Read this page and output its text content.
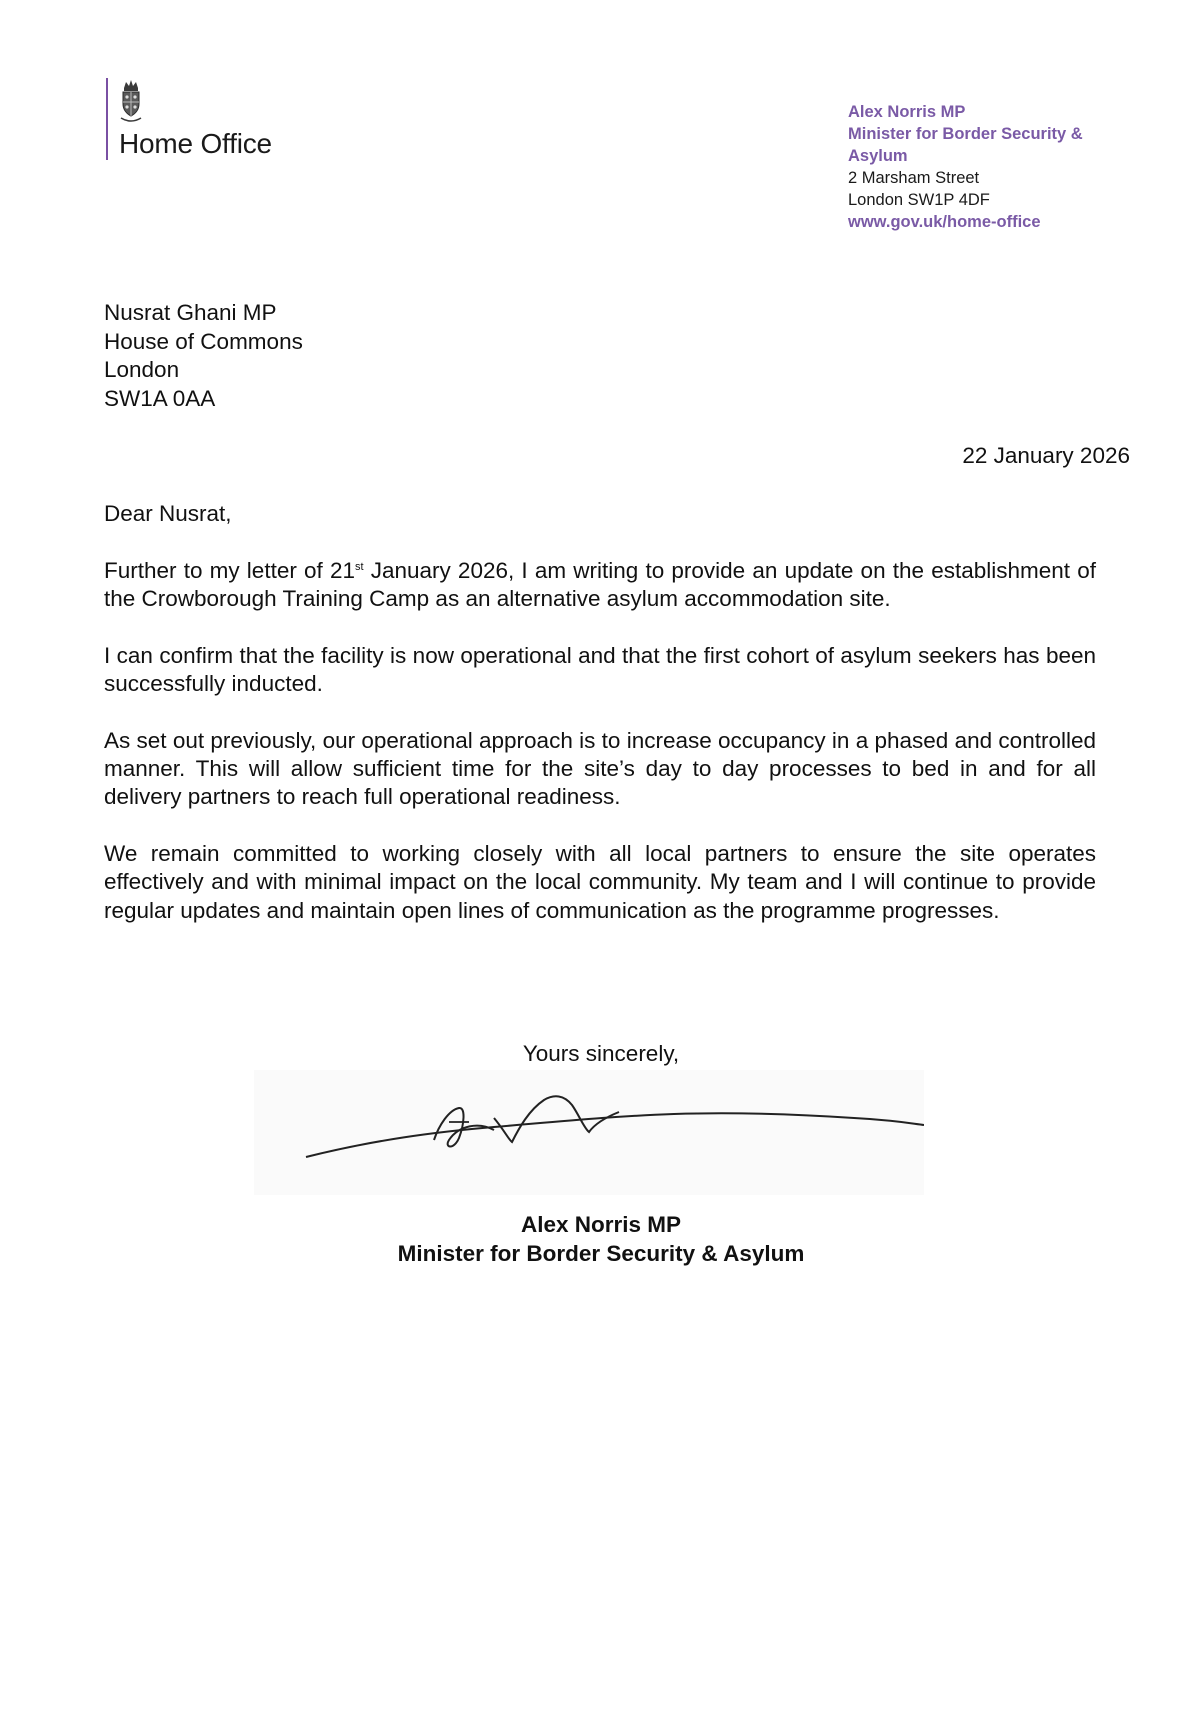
Home Office
Alex Norris MP
Minister for Border Security &
Asylum
2 Marsham Street
London SW1P 4DF
www.gov.uk/home-office
Nusrat Ghani MP
House of Commons
London
SW1A 0AA
22 January 2026
Dear Nusrat,

Further to my letter of 21st January 2026, I am writing to provide an update on the establishment of the Crowborough Training Camp as an alternative asylum accommodation site.

I can confirm that the facility is now operational and that the first cohort of asylum seekers has been successfully inducted.

As set out previously, our operational approach is to increase occupancy in a phased and controlled manner. This will allow sufficient time for the site’s day to day processes to bed in and for all delivery partners to reach full operational readiness.

We remain committed to working closely with all local partners to ensure the site operates effectively and with minimal impact on the local community. My team and I will continue to provide regular updates and maintain open lines of communication as the programme progresses.

Yours sincerely,
Alex Norris MP
Minister for Border Security & Asylum
